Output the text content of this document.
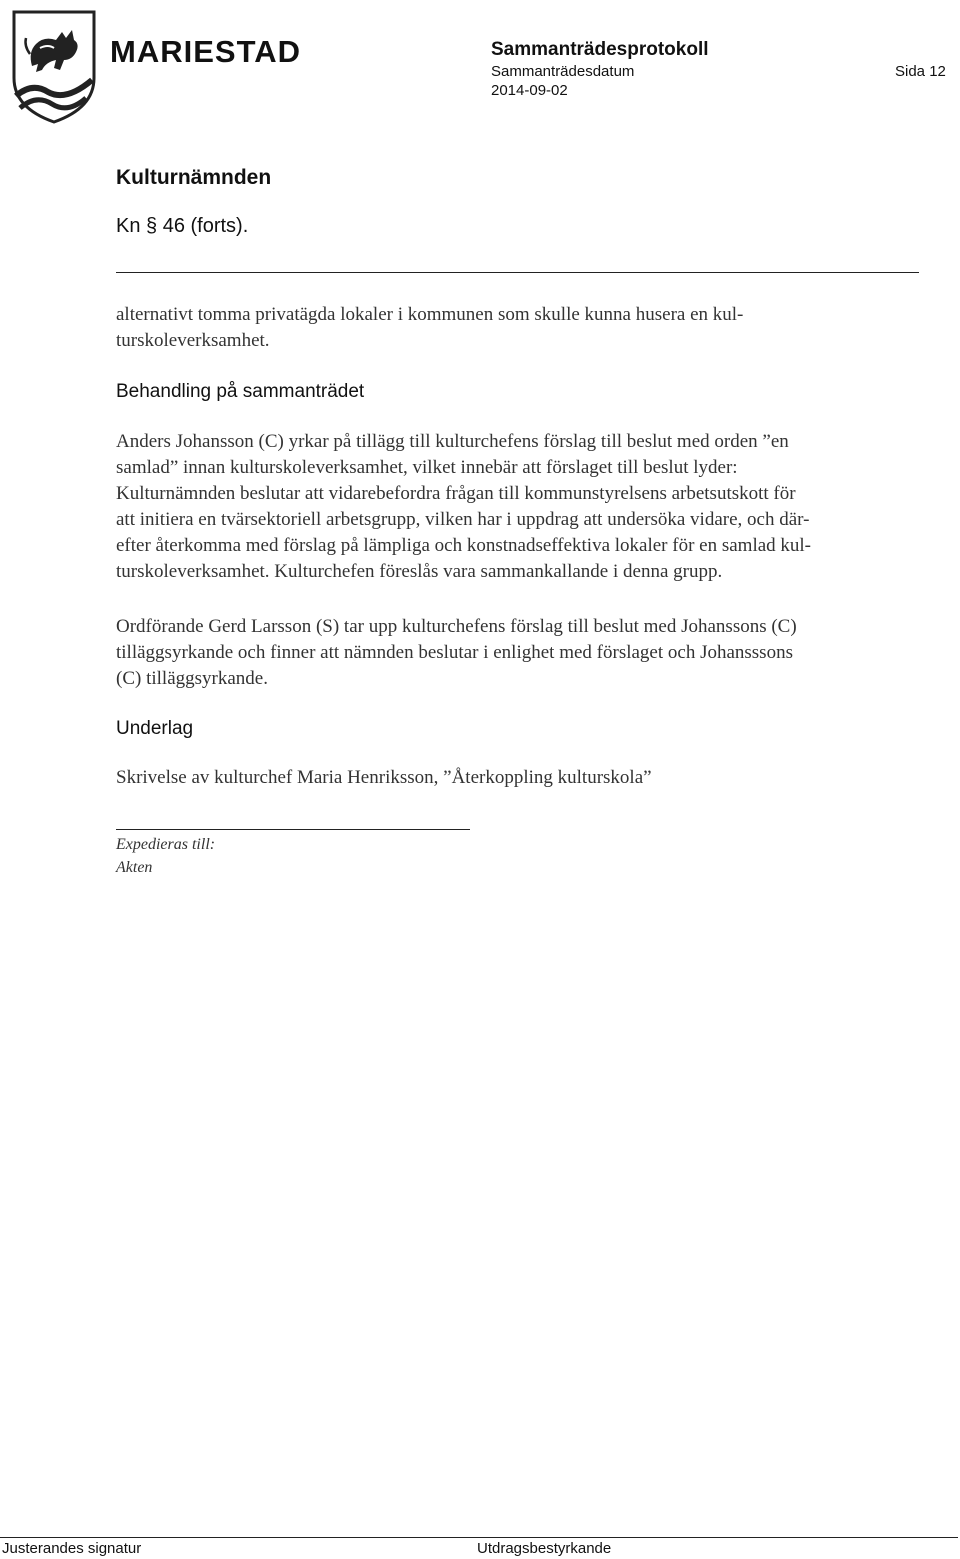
MARIESTAD	Sammanträdesprotokoll
Sammanträdesdatum
2014-09-02
Sida 12
Kulturnämnden
Kn § 46 (forts).

alternativt tomma privatägda lokaler i kommunen som skulle kunna husera en kul-
turskoleverksamhet.

Behandling på sammanträdet

Anders Johansson (C) yrkar på tillägg till kulturchefens förslag till beslut med orden ”en
samlad” innan kulturskoleverksamhet, vilket innebär att förslaget till beslut lyder:
Kulturnämnden beslutar att vidarebefordra frågan till kommunstyrelsens arbetsutskott för
att initiera en tvärsektoriell arbetsgrupp, vilken har i uppdrag att undersöka vidare, och där-
efter återkomma med förslag på lämpliga och konstnadseffektiva lokaler för en samlad kul-
turskoleverksamhet. Kulturchefen föreslås vara sammankallande i denna grupp.

Ordförande Gerd Larsson (S) tar upp kulturchefens förslag till beslut med Johanssons (C)
tilläggsyrkande och finner att nämnden beslutar i enlighet med förslaget och Johansssons
(C) tilläggsyrkande.

Underlag

Skrivelse av kulturchef Maria Henriksson, ”Återkoppling kulturskola”

Expedieras till:
Akten
Justerandes signatur	Utdragsbestyrkande
